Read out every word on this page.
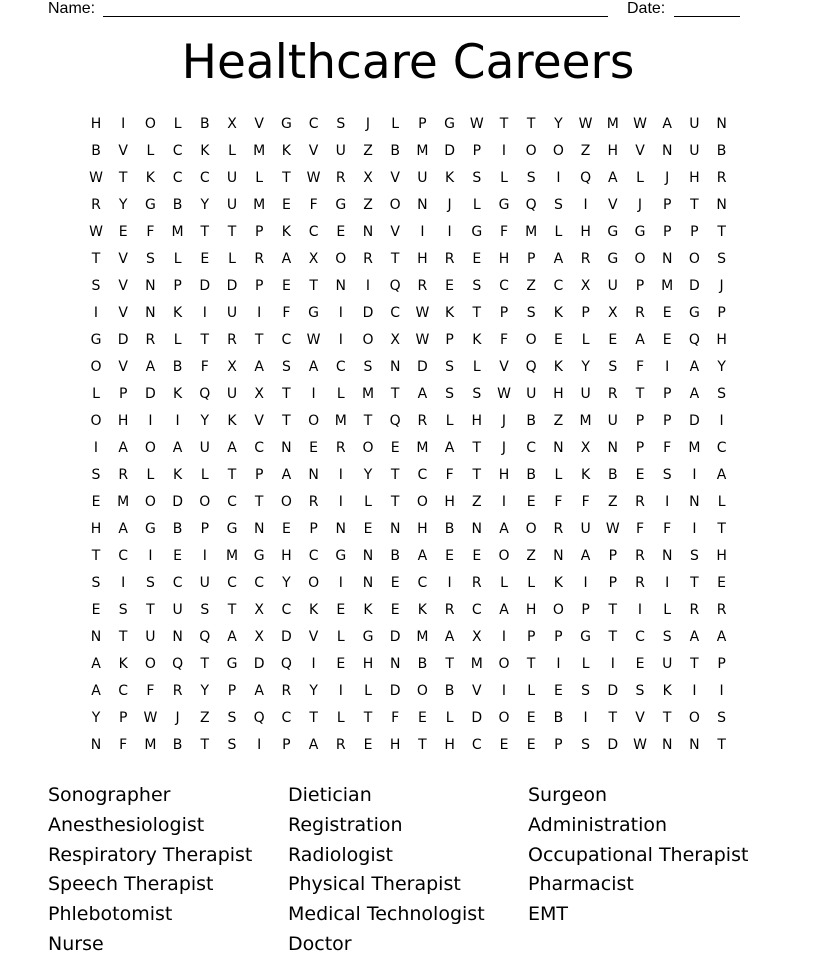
Name:	Date:
Healthcare Careers
H	I	O	L	B	X	V	G	C	S	J	L	P	G	W	T	T	Y	W	M	W	A	U	N
B	V	L	C	K	L	M	K	V	U	Z	B	M	D	P	I	O	O	Z	H	V	N	U	B
W	T	K	C	C	U	L	T	W	R	X	V	U	K	S	L	S	I	Q	A	L	J	H	R
R	Y	G	B	Y	U	M	E	F	G	Z	O	N	J	L	G	Q	S	I	V	J	P	T	N
W	E	F	M	T	T	P	K	C	E	N	V	I	I	G	F	M	L	H	G	G	P	P	T
T	V	S	L	E	L	R	A	X	O	R	T	H	R	E	H	P	A	R	G	O	N	O	S
S	V	N	P	D	D	P	E	T	N	I	Q	R	E	S	C	Z	C	X	U	P	M	D	J
I	V	N	K	I	U	I	F	G	I	D	C	W	K	T	P	S	K	P	X	R	E	G	P
G	D	R	L	T	R	T	C	W	I	O	X	W	P	K	F	O	E	L	E	A	E	Q	H
O	V	A	B	F	X	A	S	A	C	S	N	D	S	L	V	Q	K	Y	S	F	I	A	Y
L	P	D	K	Q	U	X	T	I	L	M	T	A	S	S	W	U	H	U	R	T	P	A	S
O	H	I	I	Y	K	V	T	O	M	T	Q	R	L	H	J	B	Z	M	U	P	P	D	I
I	A	O	A	U	A	C	N	E	R	O	E	M	A	T	J	C	N	X	N	P	F	M	C
S	R	L	K	L	T	P	A	N	I	Y	T	C	F	T	H	B	L	K	B	E	S	I	A
E	M	O	D	O	C	T	O	R	I	L	T	O	H	Z	I	E	F	F	Z	R	I	N	L
H	A	G	B	P	G	N	E	P	N	E	N	H	B	N	A	O	R	U	W	F	F	I	T
T	C	I	E	I	M	G	H	C	G	N	B	A	E	E	O	Z	N	A	P	R	N	S	H
S	I	S	C	U	C	C	Y	O	I	N	E	C	I	R	L	L	K	I	P	R	I	T	E
E	S	T	U	S	T	X	C	K	E	K	E	K	R	C	A	H	O	P	T	I	L	R	R
N	T	U	N	Q	A	X	D	V	L	G	D	M	A	X	I	P	P	G	T	C	S	A	A
A	K	O	Q	T	G	D	Q	I	E	H	N	B	T	M	O	T	I	L	I	E	U	T	P
A	C	F	R	Y	P	A	R	Y	I	L	D	O	B	V	I	L	E	S	D	S	K	I	I
Y	P	W	J	Z	S	Q	C	T	L	T	F	E	L	D	O	E	B	I	T	V	T	O	S
N	F	M	B	T	S	I	P	A	R	E	H	T	H	C	E	E	P	S	D	W	N	N	T
Sonographer
Anesthesiologist
Respiratory Therapist
Speech Therapist
Phlebotomist
Nurse
Dietician
Registration
Radiologist
Physical Therapist
Medical Technologist
Doctor
Surgeon
Administration
Occupational Therapist
Pharmacist
EMT
